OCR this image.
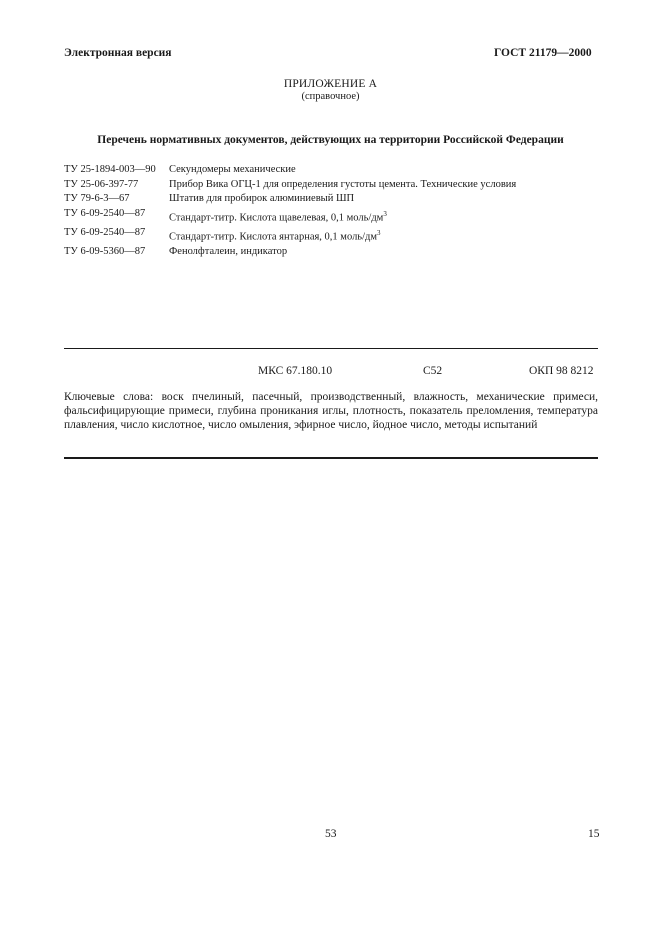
Электронная версия	ГОСТ 21179—2000
ПРИЛОЖЕНИЕ А
(справочное)
Перечень нормативных документов, действующих на территории Российской Федерации
ТУ 25-1894-003—90	Секундомеры механические
ТУ 25-06-397-77	Прибор Вика ОГЦ-1 для определения густоты цемента. Технические условия
ТУ 79-6-3—67	Штатив для пробирок алюминиевый ШП
ТУ 6-09-2540—87	Стандарт-титр. Кислота щавелевая, 0,1 моль/$дм^3$
ТУ 6-09-2540—87	Стандарт-титр. Кислота янтарная, 0,1 моль/$дм^3$
ТУ 6-09-5360—87	Фенолфталеин, индикатор
МКС 67.180.10	С52	ОКП 98 8212
Ключевые слова: воск пчелиный, пасечный, производственный, влажность, механические примеси, фальсифицирующие примеси, глубина проникания иглы, плотность, показатель преломления, температура плавления, число кислотное, число омыления, эфирное число, йодное число, методы испытаний
53	15
